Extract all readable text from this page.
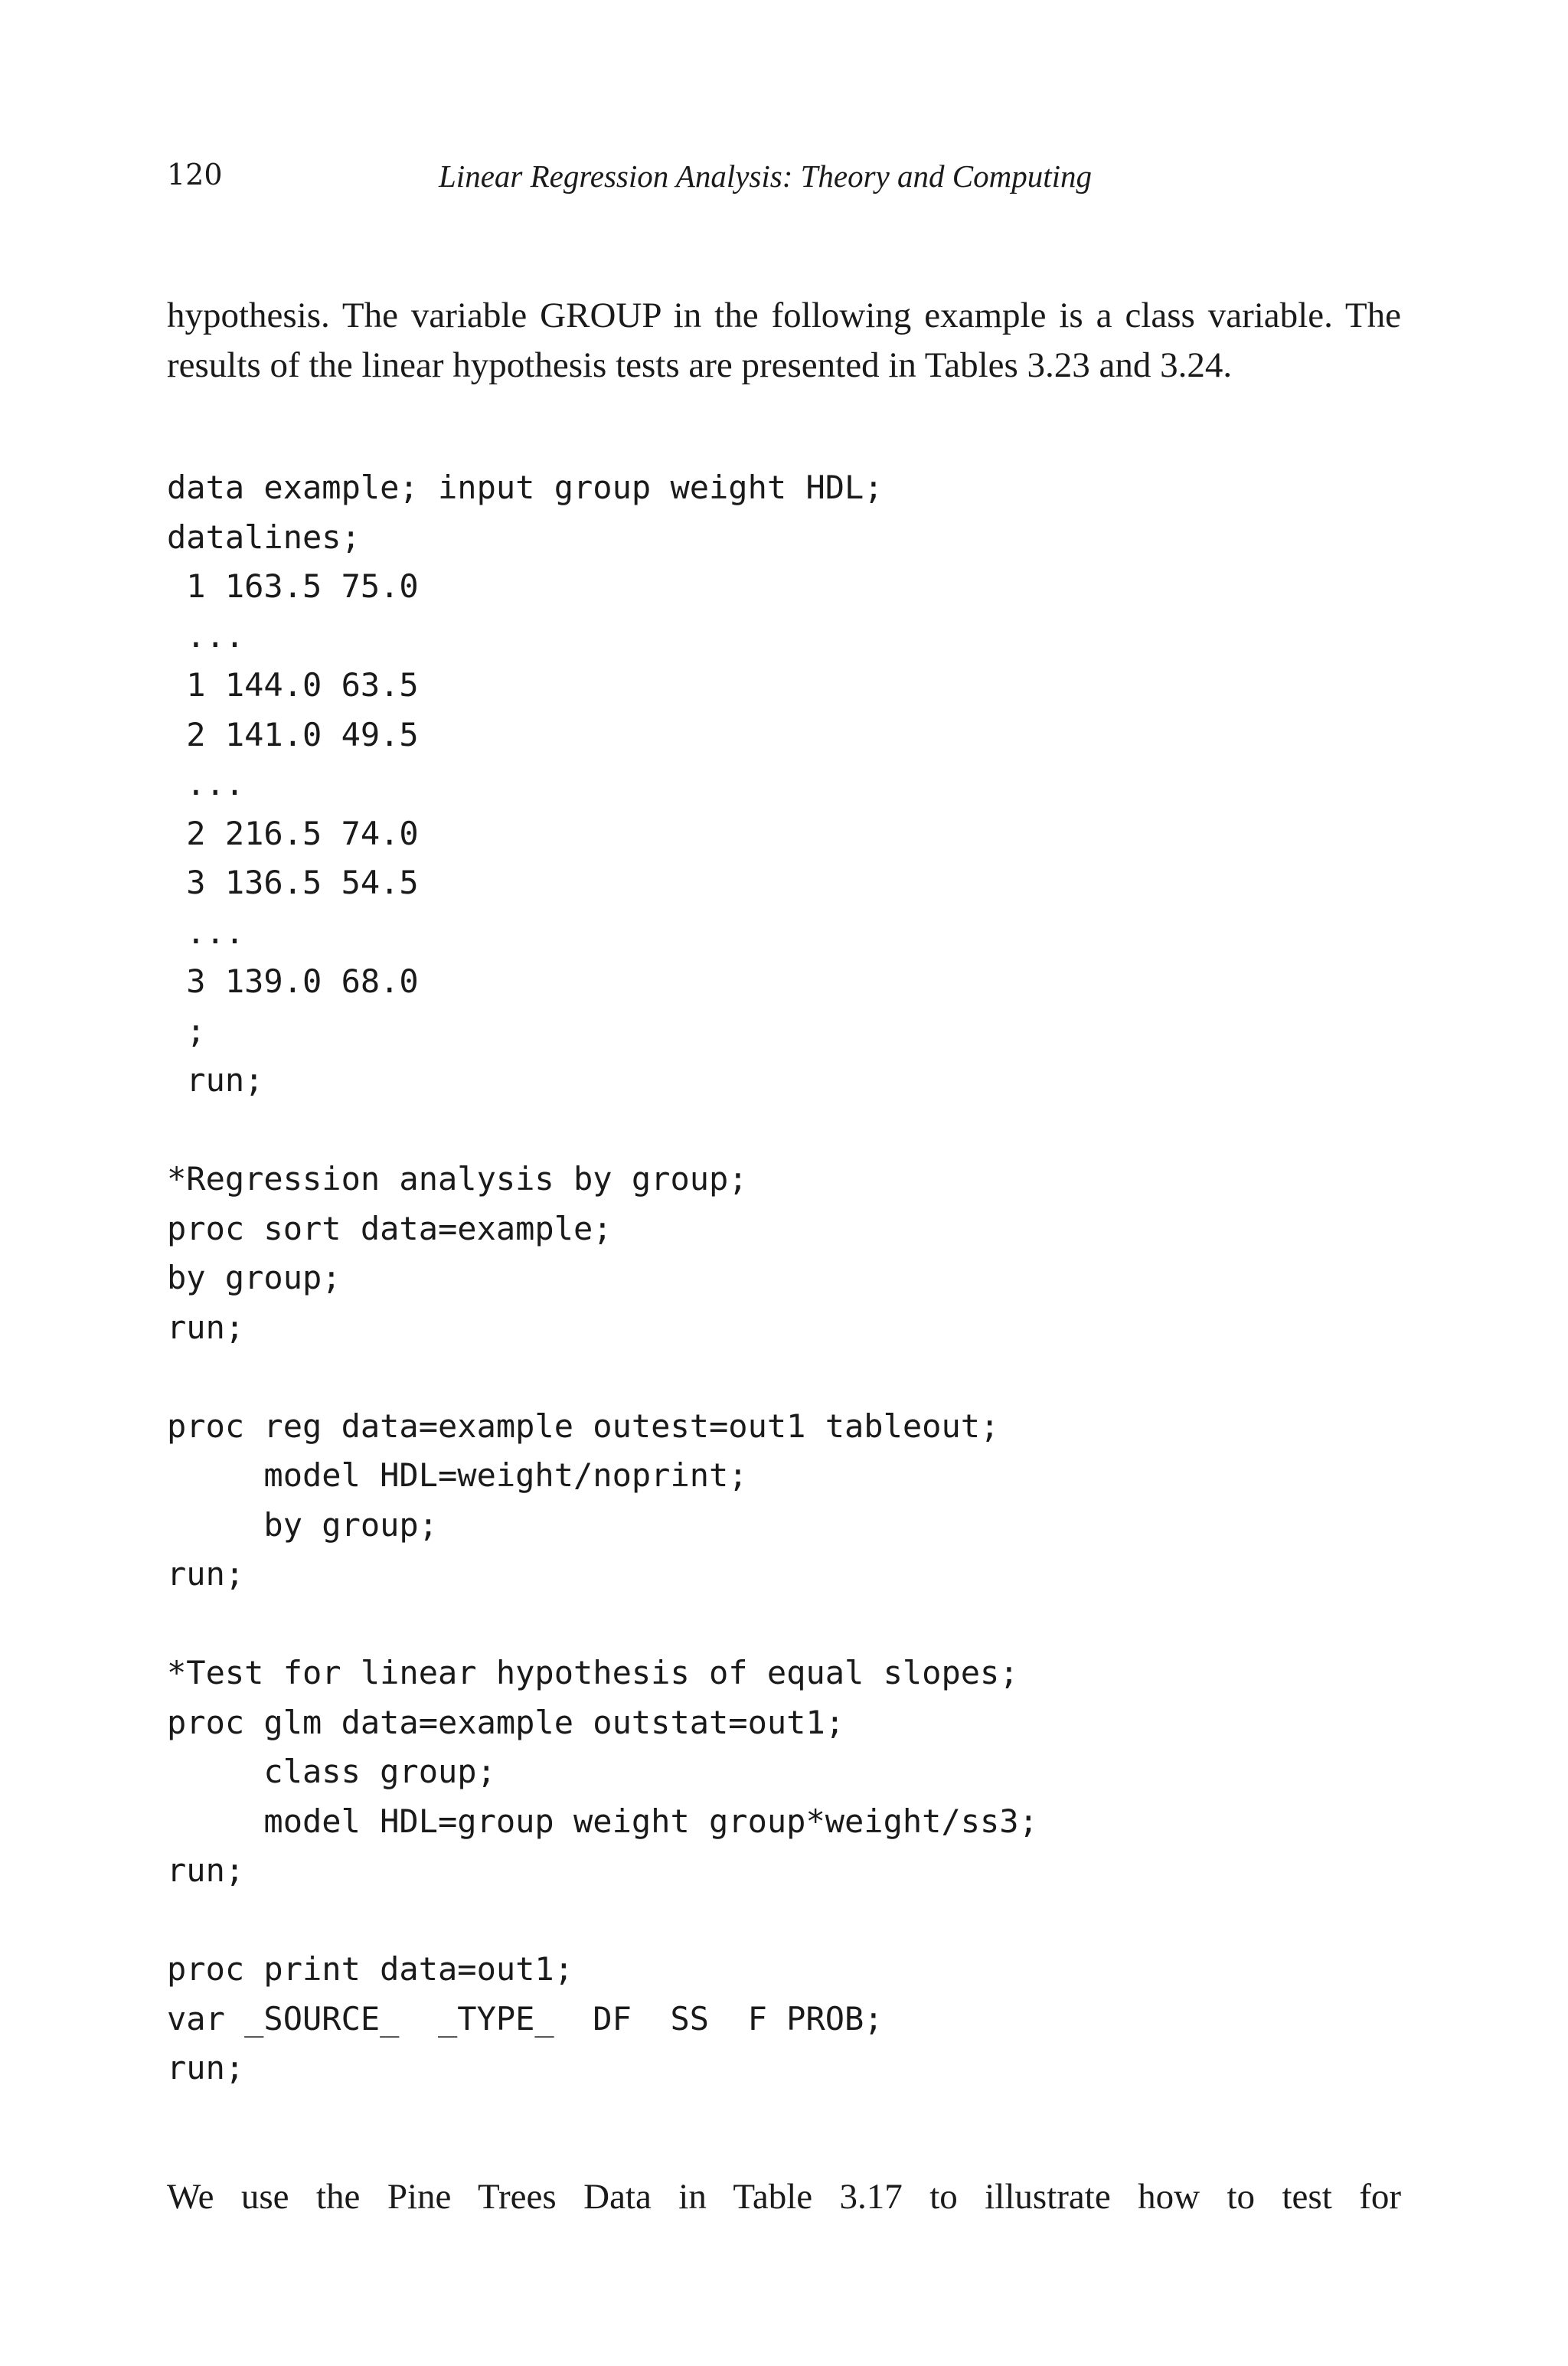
120	Linear Regression Analysis: Theory and Computing

hypothesis. The variable GROUP in the following example is a class variable. The results of the linear hypothesis tests are presented in Tables 3.23 and 3.24.

data example; input group weight HDL;
datalines;
1 163.5 75.0
...
1 144.0 63.5
2 141.0 49.5
...
2 216.5 74.0
3 136.5 54.5
...
3 139.0 68.0
;
run;
*Regression analysis by group;
proc sort data=example;
by group;
run;
proc reg data=example outest=out1 tableout;
model HDL=weight/noprint;
by group;
run;
*Test for linear hypothesis of equal slopes;
proc glm data=example outstat=out1;
class group;
model HDL=group weight group*weight/ss3;
run;
proc print data=out1;
var _SOURCE_  _TYPE_  DF  SS  F PROB;
run;

We use the Pine Trees Data in Table 3.17 to illustrate how to test for
